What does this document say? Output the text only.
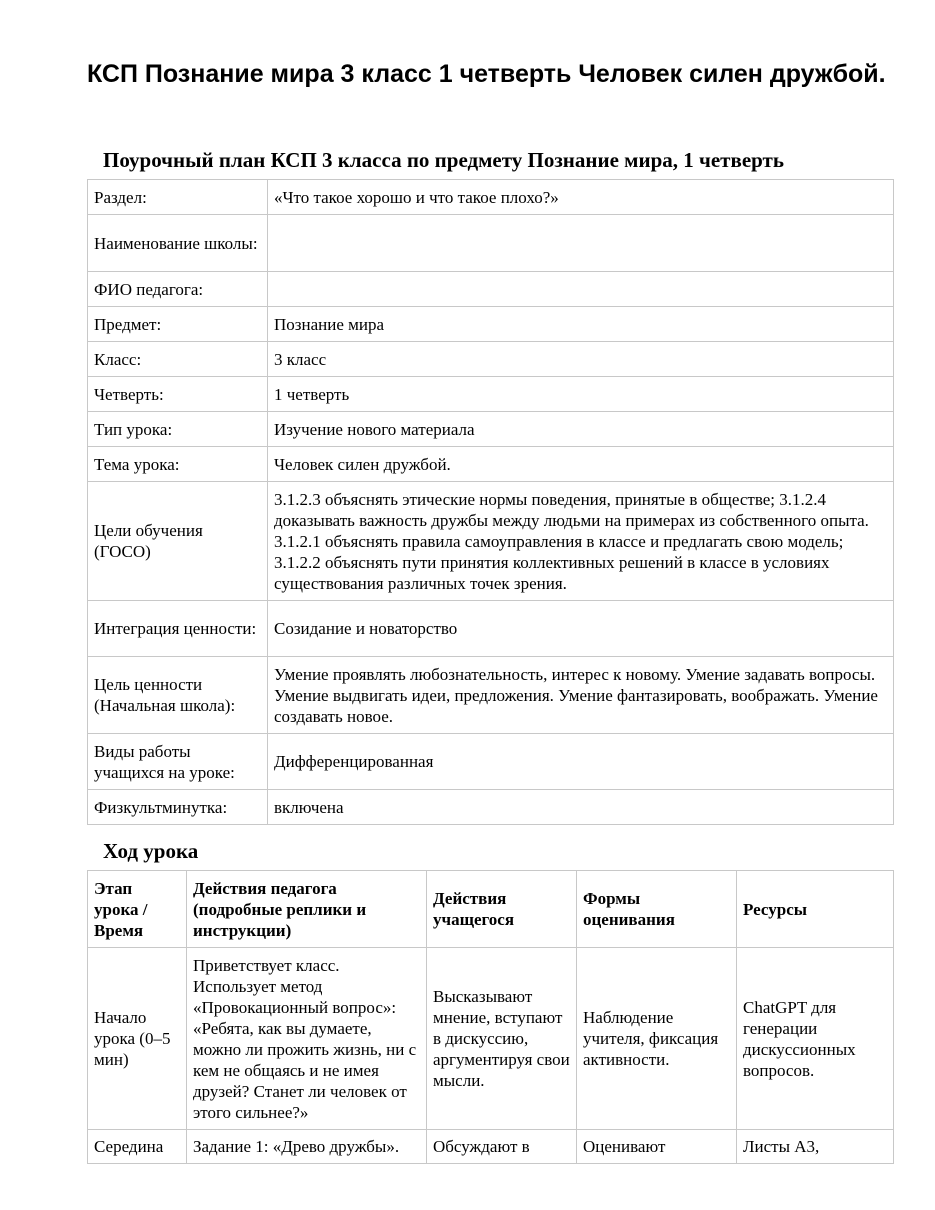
КСП Познание мира 3 класс 1 четверть Человек силен дружбой.
Поурочный план КСП 3 класса по предмету Познание мира, 1 четверть
Раздел:	«Что такое хорошо и что такое плохо?»
Наименование школы:	
ФИО педагога:	
Предмет:	Познание мира
Класс:	3 класс
Четверть:	1 четверть
Тип урока:	Изучение нового материала
Тема урока:	Человек силен дружбой.
Цели обучения (ГОСО)	3.1.2.3 объяснять этические нормы поведения, принятые в обществе; 3.1.2.4 доказывать важность дружбы между людьми на примерах из собственного опыта. 3.1.2.1 объяснять правила самоуправления в классе и предлагать свою модель; 3.1.2.2 объяснять пути принятия коллективных решений в классе в условиях существования различных точек зрения.
Интеграция ценности:	Созидание и новаторство
Цель ценности (Начальная школа):	Умение проявлять любознательность, интерес к новому. Умение задавать вопросы. Умение выдвигать идеи, предложения. Умение фантазировать, воображать. Умение создавать новое.
Виды работы учащихся на уроке:	Дифференцированная
Физкультминутка:	включена
Ход урока
Этап урока / Время	Действия педагога (подробные реплики и инструкции)	Действия учащегося	Формы оценивания	Ресурсы
Начало урока (0–5 мин)	Приветствует класс. Использует метод «Провокационный вопрос»: «Ребята, как вы думаете, можно ли прожить жизнь, ни с кем не общаясь и не имея друзей? Станет ли человек от этого сильнее?»	Высказывают мнение, вступают в дискуссию, аргументируя свои мысли.	Наблюдение учителя, фиксация активности.	ChatGPT для генерации дискуссионных вопросов.
Середина	Задание 1: «Древо дружбы».	Обсуждают в	Оценивают	Листы А3,
